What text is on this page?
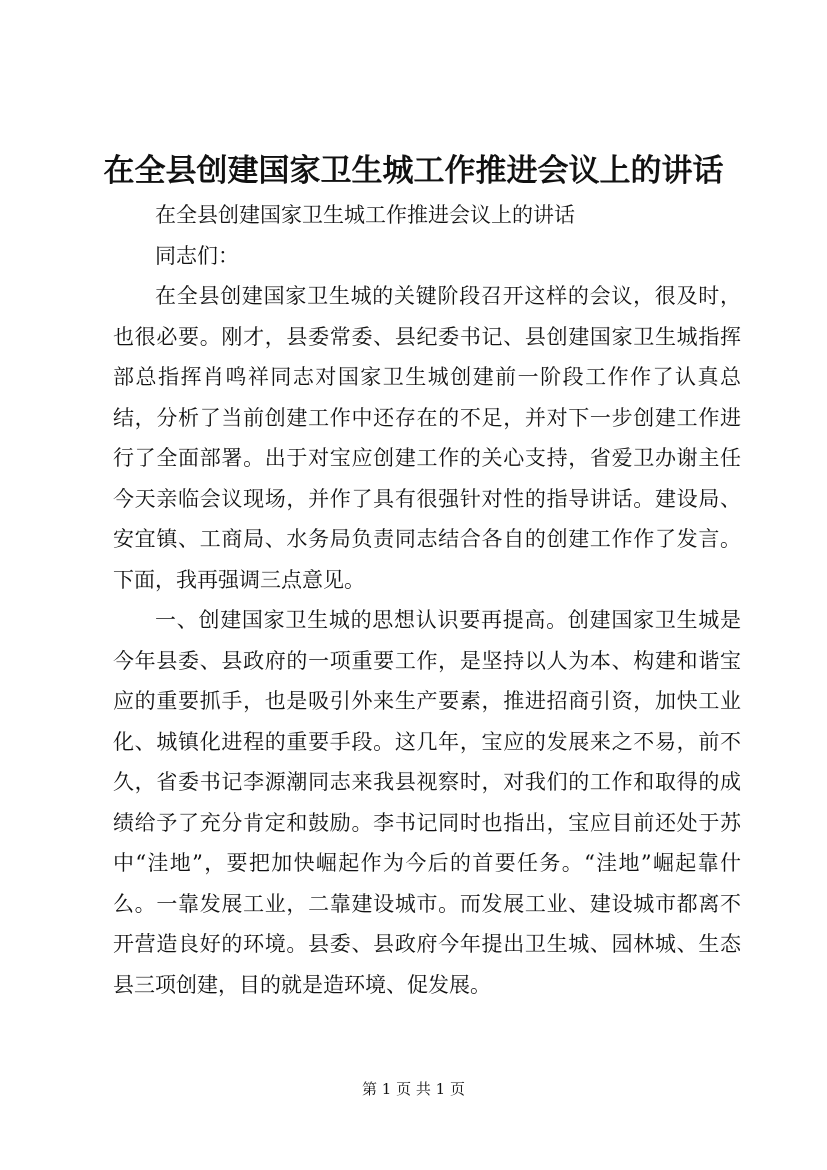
在全县创建国家卫生城工作推进会议上的讲话

在全县创建国家卫生城工作推进会议上的讲话

同志们：

在全县创建国家卫生城的关键阶段召开这样的会议，很及时，也很必要。刚才，县委常委、县纪委书记、县创建国家卫生城指挥部总指挥肖鸣祥同志对国家卫生城创建前一阶段工作作了认真总结，分析了当前创建工作中还存在的不足，并对下一步创建工作进行了全面部署。出于对宝应创建工作的关心支持，省爱卫办谢主任今天亲临会议现场，并作了具有很强针对性的指导讲话。建设局、安宜镇、工商局、水务局负责同志结合各自的创建工作作了发言。下面，我再强调三点意见。

一、创建国家卫生城的思想认识要再提高。创建国家卫生城是今年县委、县政府的一项重要工作，是坚持以人为本、构建和谐宝应的重要抓手，也是吸引外来生产要素，推进招商引资，加快工业化、城镇化进程的重要手段。这几年，宝应的发展来之不易，前不久，省委书记李源潮同志来我县视察时，对我们的工作和取得的成绩给予了充分肯定和鼓励。李书记同时也指出，宝应目前还处于苏中“洼地”，要把加快崛起作为今后的首要任务。“洼地”崛起靠什么。一靠发展工业，二靠建设城市。而发展工业、建设城市都离不开营造良好的环境。县委、县政府今年提出卫生城、园林城、生态县三项创建，目的就是造环境、促发展。

第 1 页 共 1 页
